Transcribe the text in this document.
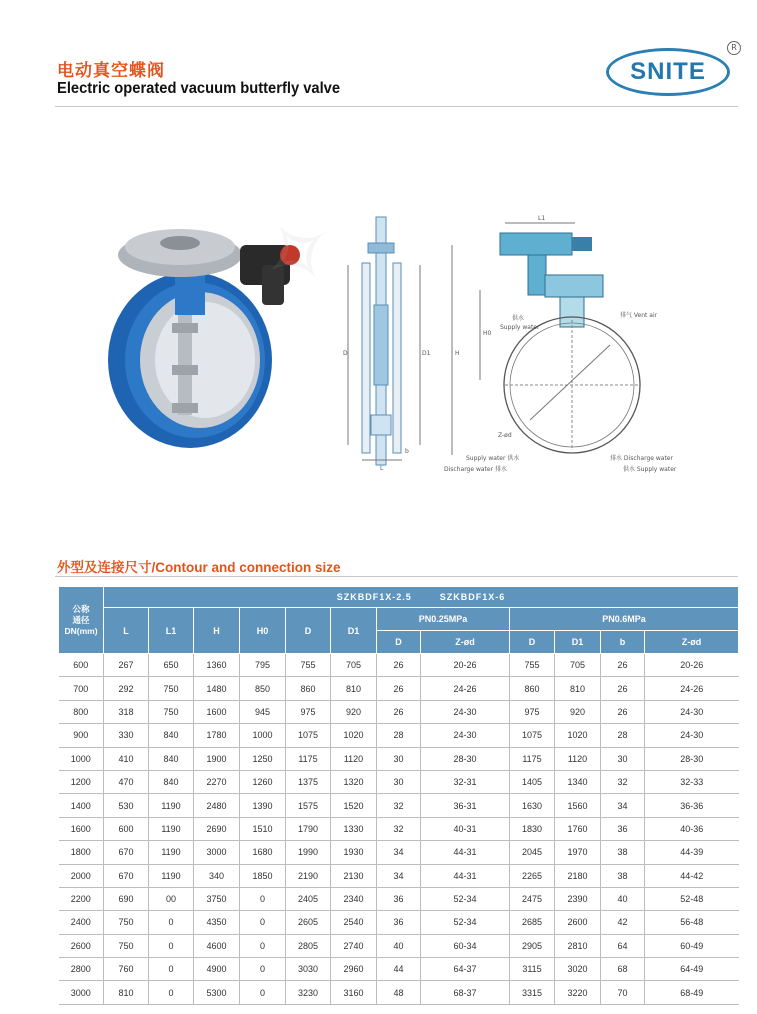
电动真空蝶阀
Electric operated vacuum butterfly valve
SNITE
R
D	D1
L
b
L1
H0
H
排气 Vent air
供水
Supply water
Z-ød
Supply water 供水
Discharge water 排水
排水 Discharge water
供水 Supply water
外型及连接尺寸/Contour and connection size
公称
通径
DN(mm)	SZKBDF1X-2.5        SZKBDF1X-6											
	L	L1	H	H0	D	D1	PN0.25MPa		PN0.6MPa			
							D	Z-ød	D	D1	b	Z-ød
600	267	650	1360	795	755	705	26	20-26	755	705	26	20-26
700	292	750	1480	850	860	810	26	24-26	860	810	26	24-26
800	318	750	1600	945	975	920	26	24-30	975	920	26	24-30
900	330	840	1780	1000	1075	1020	28	24-30	1075	1020	28	24-30
1000	410	840	1900	1250	1175	1120	30	28-30	1175	1120	30	28-30
1200	470	840	2270	1260	1375	1320	30	32-31	1405	1340	32	32-33
1400	530	1190	2480	1390	1575	1520	32	36-31	1630	1560	34	36-36
1600	600	1190	2690	1510	1790	1330	32	40-31	1830	1760	36	40-36
1800	670	1190	3000	1680	1990	1930	34	44-31	2045	1970	38	44-39
2000	670	1190	340	1850	2190	2130	34	44-31	2265	2180	38	44-42
2200	690	00	3750	0	2405	2340	36	52-34	2475	2390	40	52-48
2400	750	0	4350	0	2605	2540	36	52-34	2685	2600	42	56-48
2600	750	0	4600	0	2805	2740	40	60-34	2905	2810	64	60-49
2800	760	0	4900	0	3030	2960	44	64-37	3115	3020	68	64-49
3000	810	0	5300	0	3230	3160	48	68-37	3315	3220	70	68-49
✧
